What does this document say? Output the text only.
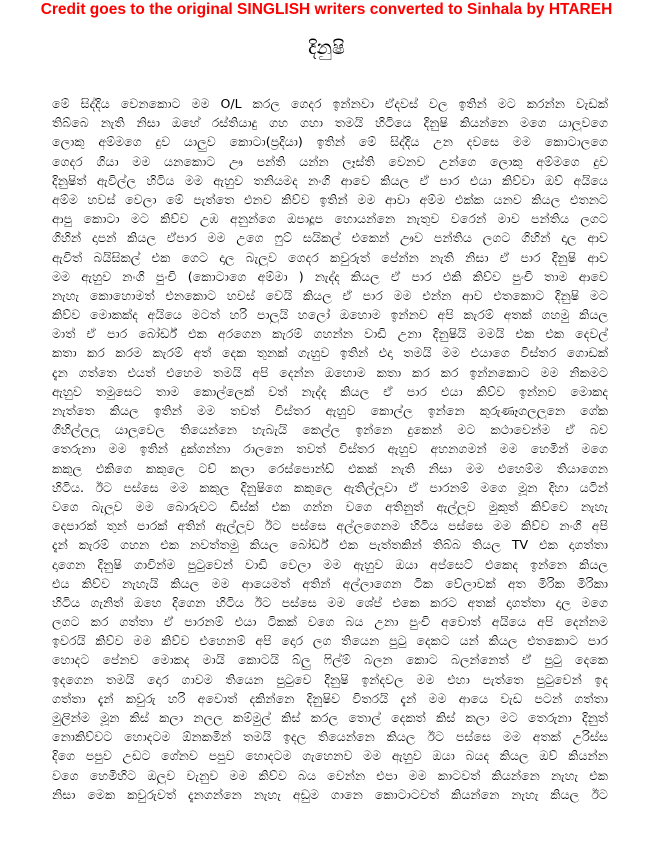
Credit goes to the original SINGLISH writers converted to Sinhala by HTAREH
දිනුෂි
මේ සිද්දිය වෙනකොට මම O/L කරල ගෙදර ඉන්නවා ඒදවස් වල ඉතින් මට කරන්න වැඩක්
තිබ්බෙ නැති නිසා ඔහේ රස්තියාදු ගහ ගහා තමයි හිටියෙ දිනුෂි කියන්නෙ මගෙ යාලුවගෙ
ලොකු අම්මගෙ දුව යාලුව කොටා(ප්‍රදියා) ඉතින් මේ සිද්දිය උන දවසෙ මම කොටාලගෙ
ගෙදර ගියා මම යනකොට ඌ පන්ති යන්න ලෑස්ති වෙනව උන්ගෙ ලොකු අම්මගෙ දුව
දිනුෂිත් ඇවිල්ල හිටිය මම ඇහුව තනියමද නංගි ආවෙ කියල ඒ පාර එයා කිව්වා ඔව් අයියෙ
අම්ම හවස් වෙලා මේ පැත්තෙ එනව කිව්ව ඉතින් මම ආවා අම්ම එක්ක යනව කියල එතනට
ආපු කොටා මට කිව්ව උඹ අනුන්ගෙ ඔපාදූප හොයන්නෙ නැතුව වරෙන් මාව පන්තිය ලගට
ගිහින් දාපන් කියල ඒපාර මම උගෙ ෆුට් සයිකල් එකෙන් ඌව පන්තිය ලගට ගිහින් දාල ආව
ඇවිත් බයිසිකල් එක ගෙට දාල බැලුව ගෙදර කවුරුත් පේන්න නැති නිසා ඒ පාර දිනුෂි ආව
මම ඇහුව නංගි පුංචි (කොටාගෙ අම්මා ) නැද්ද කියල ඒ පාර එකි කිව්ව පුංචි තාම ආවෙ
නැහැ කොහොමත් එනකොට හවස් වෙයි කියල ඒ පාර මම එන්න ආව එතකොට දිනුෂි මට
කිව්ව මොකක්ද අයියෙ මටත් හරි පාලුයි හලෝ ඔහොම ඉන්නව අපි කැරම් අතක් ගහමු කියල
මාත් ඒ පාර බෝර්ඩ් එක අරගෙන කැරම් ගහන්න වාඩි උනා දිනුෂියි මමයි එක එක දෙවල්
කතා කර කරම කැරම් අත් දෙක තුනක් ගැහුව ඉතින් එදා තමයි මම එයාගෙ විස්තර ගොඩක්
දැන ගත්තෙ එයත් එහෙම තමයි අපි දෙන්න ඔහොම කතා කර කර ඉන්නකොට මම නිකමට
ඇහුව තමුසෙට තාම කොල්ලෙක් වත් නැද්ද කියල ඒ පාර එයා කිව්ව ඉන්නව මොකද
නැත්තෙ කියල ඉතින් මම තවත් විස්තර ඇහුව කොල්ල ඉන්නෙ කුරුණෑගලලුනෙ ගේක
ගිහිල්ලලු යාලුවෙල තියෙන්නෙ හැබැයි කෙල්ල ඉන්නෙ දුකෙන් මට කථාවෙන්ම ඒ බව
තෙරුනා මම ඉතින් දුක්ගන්නා රාලනෙ තවත් විස්තර ඇහුව අහනගමන් මම හෙමින් මගෙ
කකුල එකිගෙ කකුලෙ ටච් කලා රෙස්පොන්ඩ් එකක් නැති නිසා මම එහෙම්ම තියාගෙන
හිටිය. ඊට පස්සෙ මම කකුල දිනුෂිගෙ කකුලෙ ඇතිල්ලුවා ඒ පාරනම් මගෙ මූන දිහා යටින්
වගෙ බැලුව මම බොරුවට ඩිස්ක් එක ගන්න වගෙ අතිනුත් ඇල්ලුව මුකුත් කිව්වෙ නැහැ
දෙපාරක් තුන් පාරක් අතින් ඇල්ලුව ඊට පස්සෙ අල්ලගෙනම හිටිය පස්සෙ මම කිව්ව නංගි අපි
දැන් කැරම් ගහන එක නවත්තමු කියල බෝර්ඩ් එක පැත්තකින් තිබ්බ තියල TV එක දාගත්තා
දාගෙන දිනුෂි ගාවින්ම පුටුවෙන් වාඩි වෙලා මම ඇහුව ඔයා අප්සෙට් එකෙද ඉන්නෙ කියල
එය කිව්ව නැහැයි කියල මම ආයෙමත් අතින් අල්ලාගෙන ටික වේලාවක් අත මිරික මිරිකා
හිටිය ගැනිත් ඔහෙ දිගෙන හිටිය ඊට පස්සෙ මම ශේප් එකෙ කරට අතක් දාගත්තා දාල මගෙ
ලගට කර ගත්තා ඒ පාරනම් එයා ටිකක් වගෙ බය උනා පුංචි අවොත් අයියෙ අපි දෙන්නම
ඉවරයි කිව්ව මම කිව්ව එහෙනම් අපි දොර ලග තියෙන පුටු දෙකට යන් කියල එතකොට පාර
හොදට පේනව මොකද මායි කොටයි බ්ලු ෆිල්ම් බලන කොට බලන්නෙත් ඒ පුටු දෙකෙ
ඉදගෙන තමයි දොර ගාවම තියෙන පුටුවෙ දිනුෂි ඉන්දවල මම එහා පැත්තෙ පුටුවෙන් ඉද
ගත්තා දැන් කවුරු හරි අවොත් දකින්නෙ දිනුෂිව විතරයි දැන් මම ආයෙ වැඩ පටන් ගත්තා
මුලින්ම මූන කිස් කලා නලල කම්මුල් කිස් කරල තොල් දෙකත් කිස් කලා මට තෙරුනා දිනුත්
නොකිව්වට හොදටම ඕනකමින් තමයි ඉදල තියෙන්නෙ කියල ඊට පස්සෙ මම අතක් උරිස්ස
දිගෙ පපුව උඩට ගේනව පපුව හොදටම ගැහෙනව මම ඇහුව ඔයා බයද කියල ඔව් කියන්න
වගෙ හෙමිහිට ඔලුව වැනුව මම කිව්ව බය වෙන්න එපා මම කාටවත් කියන්නෙ නැහැ එක
නිසා මෙක කවුරුවත් දැනගන්නෙ නැහැ අඩුම ගානෙ කොටාටවත් කියන්නෙ නැහැ කියල ඊට
